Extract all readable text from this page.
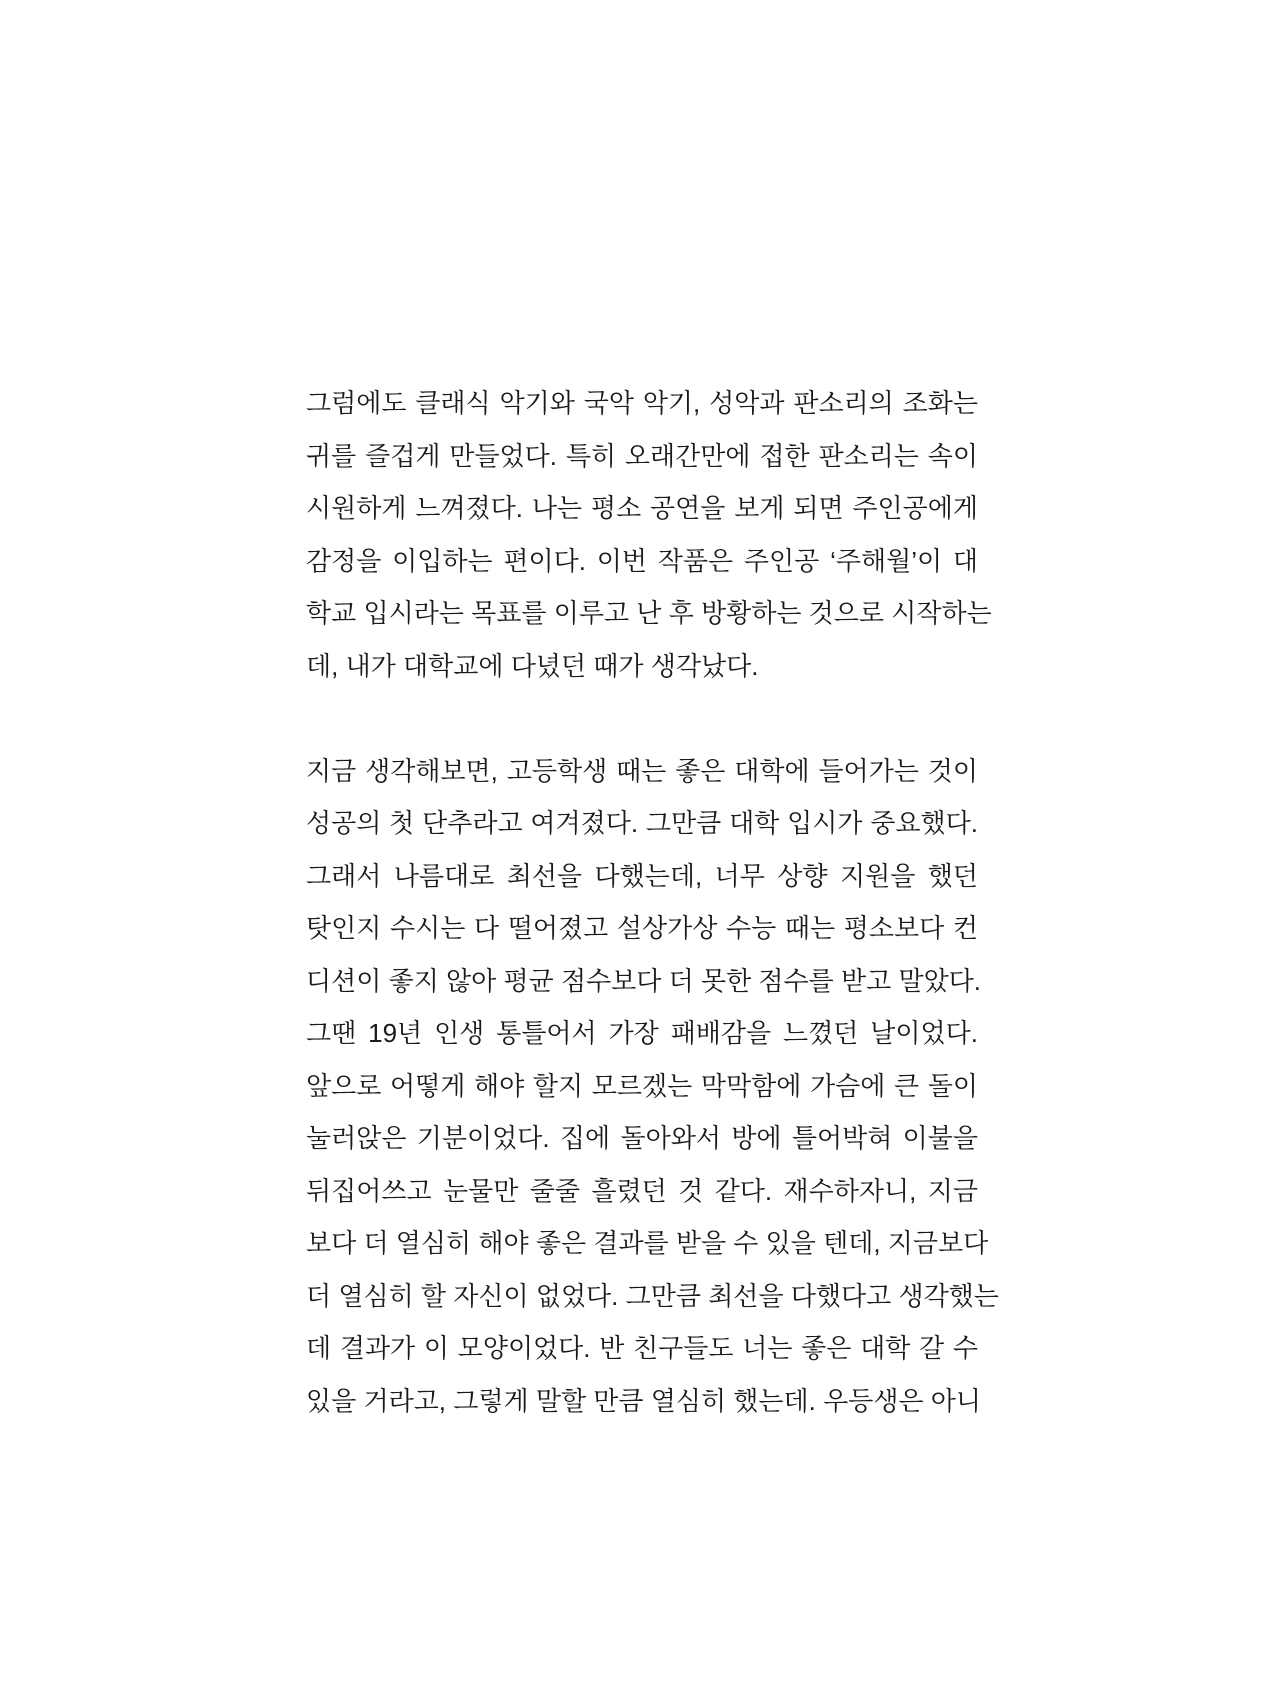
그럼에도 클래식 악기와 국악 악기, 성악과 판소리의 조화는
귀를 즐겁게 만들었다. 특히 오래간만에 접한 판소리는 속이
시원하게 느껴졌다. 나는 평소 공연을 보게 되면 주인공에게
감정을 이입하는 편이다. 이번 작품은 주인공 ‘주해월’이 대
학교 입시라는 목표를 이루고 난 후 방황하는 것으로 시작하는
데, 내가 대학교에 다녔던 때가 생각났다.
지금 생각해보면, 고등학생 때는 좋은 대학에 들어가는 것이
성공의 첫 단추라고 여겨졌다. 그만큼 대학 입시가 중요했다.
그래서 나름대로 최선을 다했는데, 너무 상향 지원을 했던
탓인지 수시는 다 떨어졌고 설상가상 수능 때는 평소보다 컨
디션이 좋지 않아 평균 점수보다 더 못한 점수를 받고 말았다.
그땐 19년 인생 통틀어서 가장 패배감을 느꼈던 날이었다.
앞으로 어떻게 해야 할지 모르겠는 막막함에 가슴에 큰 돌이
눌러앉은 기분이었다. 집에 돌아와서 방에 틀어박혀 이불을
뒤집어쓰고 눈물만 줄줄 흘렸던 것 같다. 재수하자니, 지금
보다 더 열심히 해야 좋은 결과를 받을 수 있을 텐데, 지금보다
더 열심히 할 자신이 없었다. 그만큼 최선을 다했다고 생각했는
데 결과가 이 모양이었다. 반 친구들도 너는 좋은 대학 갈 수
있을 거라고, 그렇게 말할 만큼 열심히 했는데. 우등생은 아니
